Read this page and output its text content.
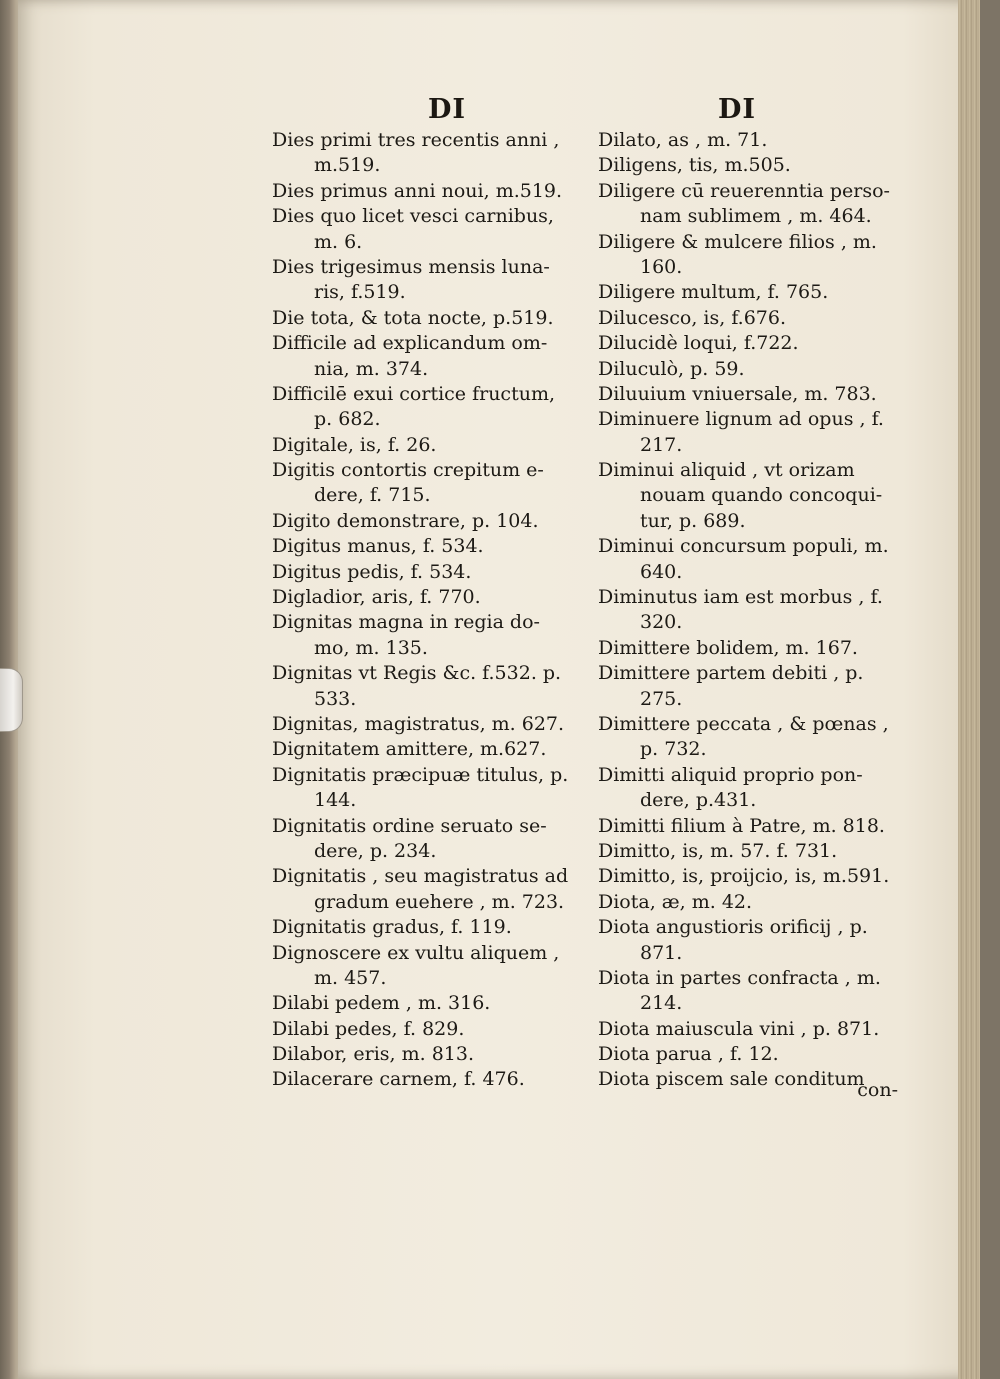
DI	DI
Dies primi tres recentis anni ,
m.519.
Dies primus anni noui, m.519.
Dies quo licet vesci carnibus,
m. 6.
Dies trigesimus mensis luna-
ris, f.519.
Die tota, & tota nocte, p.519.
Difficile ad explicandum om-
nia, m. 374.
Difficilē exui cortice fructum,
p. 682.
Digitale, is, f. 26.
Digitis contortis crepitum e-
dere, f. 715.
Digito demonstrare, p. 104.
Digitus manus, f. 534.
Digitus pedis, f. 534.
Digladior, aris, f. 770.
Dignitas magna in regia do-
mo, m. 135.
Dignitas vt Regis &c. f.532. p.
533.
Dignitas, magistratus, m. 627.
Dignitatem amittere, m.627.
Dignitatis præcipuæ titulus, p.
144.
Dignitatis ordine seruato se-
dere, p. 234.
Dignitatis , seu magistratus ad
gradum euehere , m. 723.
Dignitatis gradus, f. 119.
Dignoscere ex vultu aliquem ,
m. 457.
Dilabi pedem , m. 316.
Dilabi pedes, f. 829.
Dilabor, eris, m. 813.
Dilacerare carnem, f. 476.
Dilato, as , m. 71.
Diligens, tis, m.505.
Diligere cū reuerenntia perso-
nam sublimem , m. 464.
Diligere & mulcere filios , m.
160.
Diligere multum, f. 765.
Dilucesco, is, f.676.
Dilucidè loqui, f.722.
Diluculò, p. 59.
Diluuium vniuersale, m. 783.
Diminuere lignum ad opus , f.
217.
Diminui aliquid , vt orizam
nouam quando concoqui-
tur, p. 689.
Diminui concursum populi, m.
640.
Diminutus iam est morbus , f.
320.
Dimittere bolidem, m. 167.
Dimittere partem debiti , p.
275.
Dimittere peccata , & pœnas ,
p. 732.
Dimitti aliquid proprio pon-
dere, p.431.
Dimitti filium à Patre, m. 818.
Dimitto, is, m. 57. f. 731.
Dimitto, is, proijcio, is, m.591.
Diota, æ, m. 42.
Diota angustioris orificij , p.
871.
Diota in partes confracta , m.
214.
Diota maiuscula vini , p. 871.
Diota parua , f. 12.
Diota piscem sale conditum
con-
